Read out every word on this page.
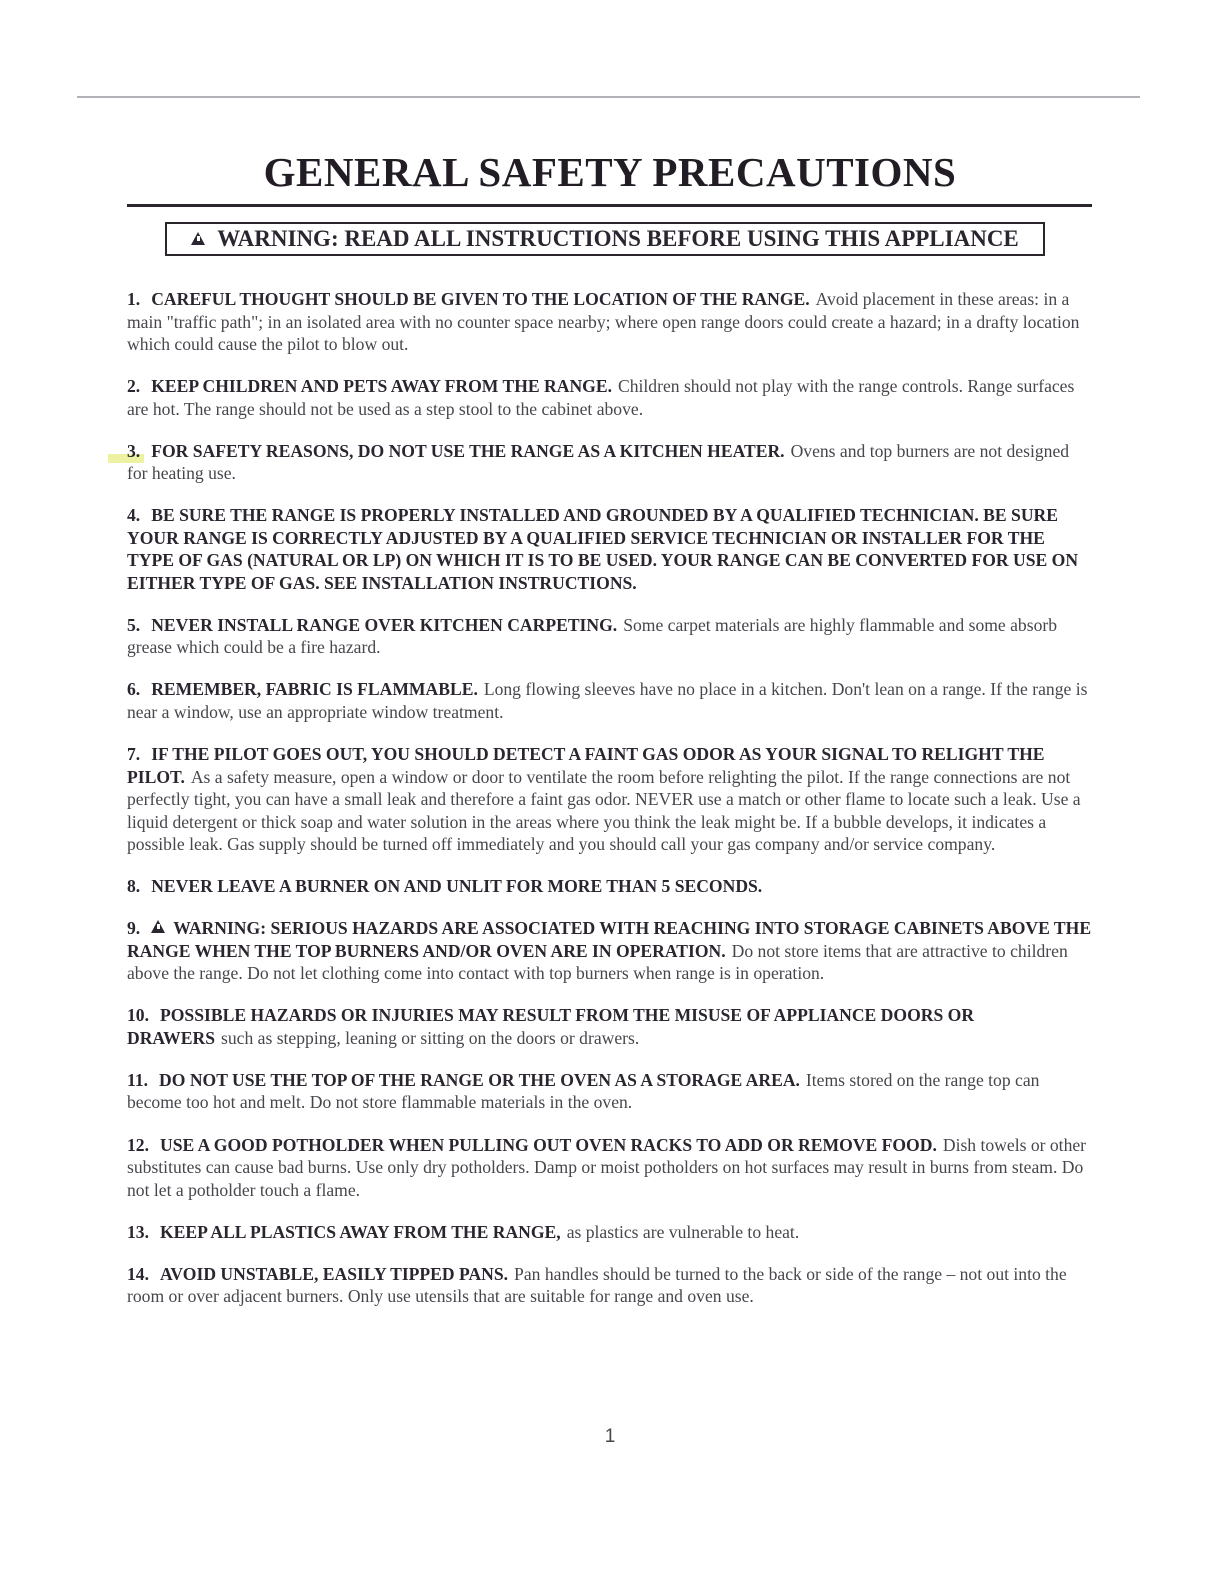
GENERAL SAFETY PRECAUTIONS
WARNING: READ ALL INSTRUCTIONS BEFORE USING THIS APPLIANCE
1. CAREFUL THOUGHT SHOULD BE GIVEN TO THE LOCATION OF THE RANGE. Avoid placement in these areas: in a main "traffic path"; in an isolated area with no counter space nearby; where open range doors could create a hazard; in a drafty location which could cause the pilot to blow out.
2. KEEP CHILDREN AND PETS AWAY FROM THE RANGE. Children should not play with the range controls. Range surfaces are hot. The range should not be used as a step stool to the cabinet above.
3. FOR SAFETY REASONS, DO NOT USE THE RANGE AS A KITCHEN HEATER. Ovens and top burners are not designed for heating use.
4. BE SURE THE RANGE IS PROPERLY INSTALLED AND GROUNDED BY A QUALIFIED TECHNICIAN. BE SURE YOUR RANGE IS CORRECTLY ADJUSTED BY A QUALIFIED SERVICE TECHNICIAN OR INSTALLER FOR THE TYPE OF GAS (NATURAL OR LP) ON WHICH IT IS TO BE USED. YOUR RANGE CAN BE CONVERTED FOR USE ON EITHER TYPE OF GAS. SEE INSTALLATION INSTRUCTIONS.
5. NEVER INSTALL RANGE OVER KITCHEN CARPETING. Some carpet materials are highly flammable and some absorb grease which could be a fire hazard.
6. REMEMBER, FABRIC IS FLAMMABLE. Long flowing sleeves have no place in a kitchen. Don't lean on a range. If the range is near a window, use an appropriate window treatment.
7. IF THE PILOT GOES OUT, YOU SHOULD DETECT A FAINT GAS ODOR AS YOUR SIGNAL TO RELIGHT THE PILOT. As a safety measure, open a window or door to ventilate the room before relighting the pilot. If the range connections are not perfectly tight, you can have a small leak and therefore a faint gas odor. NEVER use a match or other flame to locate such a leak. Use a liquid detergent or thick soap and water solution in the areas where you think the leak might be. If a bubble develops, it indicates a possible leak. Gas supply should be turned off immediately and you should call your gas company and/or service company.
8. NEVER LEAVE A BURNER ON AND UNLIT FOR MORE THAN 5 SECONDS.
9. WARNING: SERIOUS HAZARDS ARE ASSOCIATED WITH REACHING INTO STORAGE CABINETS ABOVE THE RANGE WHEN THE TOP BURNERS AND/OR OVEN ARE IN OPERATION. Do not store items that are attractive to children above the range. Do not let clothing come into contact with top burners when range is in operation.
10. POSSIBLE HAZARDS OR INJURIES MAY RESULT FROM THE MISUSE OF APPLIANCE DOORS OR DRAWERS such as stepping, leaning or sitting on the doors or drawers.
11. DO NOT USE THE TOP OF THE RANGE OR THE OVEN AS A STORAGE AREA. Items stored on the range top can become too hot and melt. Do not store flammable materials in the oven.
12. USE A GOOD POTHOLDER WHEN PULLING OUT OVEN RACKS TO ADD OR REMOVE FOOD. Dish towels or other substitutes can cause bad burns. Use only dry potholders. Damp or moist potholders on hot surfaces may result in burns from steam. Do not let a potholder touch a flame.
13. KEEP ALL PLASTICS AWAY FROM THE RANGE, as plastics are vulnerable to heat.
14. AVOID UNSTABLE, EASILY TIPPED PANS. Pan handles should be turned to the back or side of the range – not out into the room or over adjacent burners. Only use utensils that are suitable for range and oven use.
1
